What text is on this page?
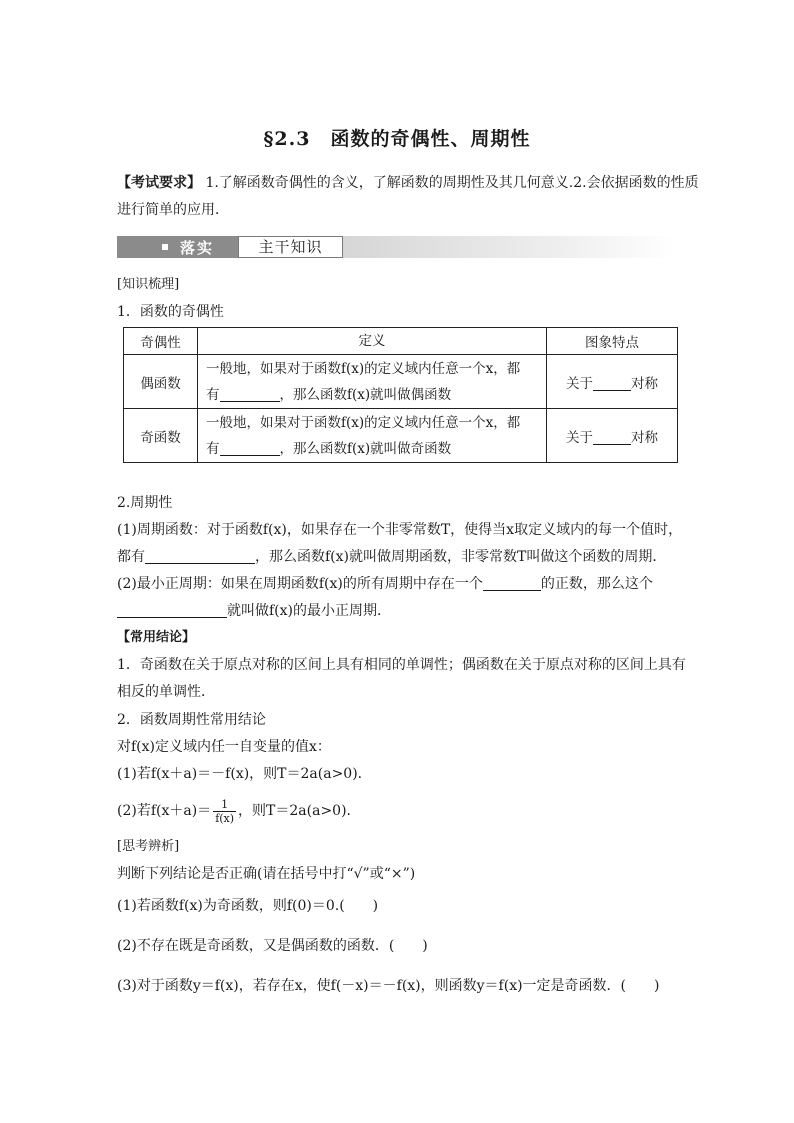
§2.3　函数的奇偶性、周期性
【考试要求】 1.了解函数奇偶性的含义，了解函数的周期性及其几何意义.2.会依据函数的性质
进行简单的应用．
落实	主干知识
[知识梳理]
1．函数的奇偶性
奇偶性	定义	图象特点
偶函数	一般地，如果对于函数f(x)的定义域内任意一个x，都
有 ，那么函数f(x)就叫做偶函数	关于 对称
奇函数	一般地，如果对于函数f(x)的定义域内任意一个x，都
有 ，那么函数f(x)就叫做奇函数	关于 对称
2.周期性
(1)周期函数：对于函数f(x)，如果存在一个非零常数T，使得当x取定义域内的每一个值时，
都有	，那么函数f(x)就叫做周期函数，非零常数T叫做这个函数的周期．
(2)最小正周期：如果在周期函数f(x)的所有周期中存在一个	的正数，那么这个
就叫做f(x)的最小正周期．
【常用结论】
1．奇函数在关于原点对称的区间上具有相同的单调性；偶函数在关于原点对称的区间上具有
相反的单调性．
2．函数周期性常用结论
对f(x)定义域内任一自变量的值x：
(1)若f(x＋a)＝－f(x)，则T＝2a(a>0)．
(2)若$f(x+a)= \frac{1}{f(x)}$ ，则T＝2a(a>0)．
[思考辨析]
判断下列结论是否正确(请在括号中打“√”或“×”)
(1)若函数f(x)为奇函数，则f(0)＝0.(　　)
(2)不存在既是奇函数，又是偶函数的函数．(　　)
(3)对于函数y＝f(x)，若存在x，使f(－x)＝－f(x)，则函数y＝f(x)一定是奇函数．(　　)
